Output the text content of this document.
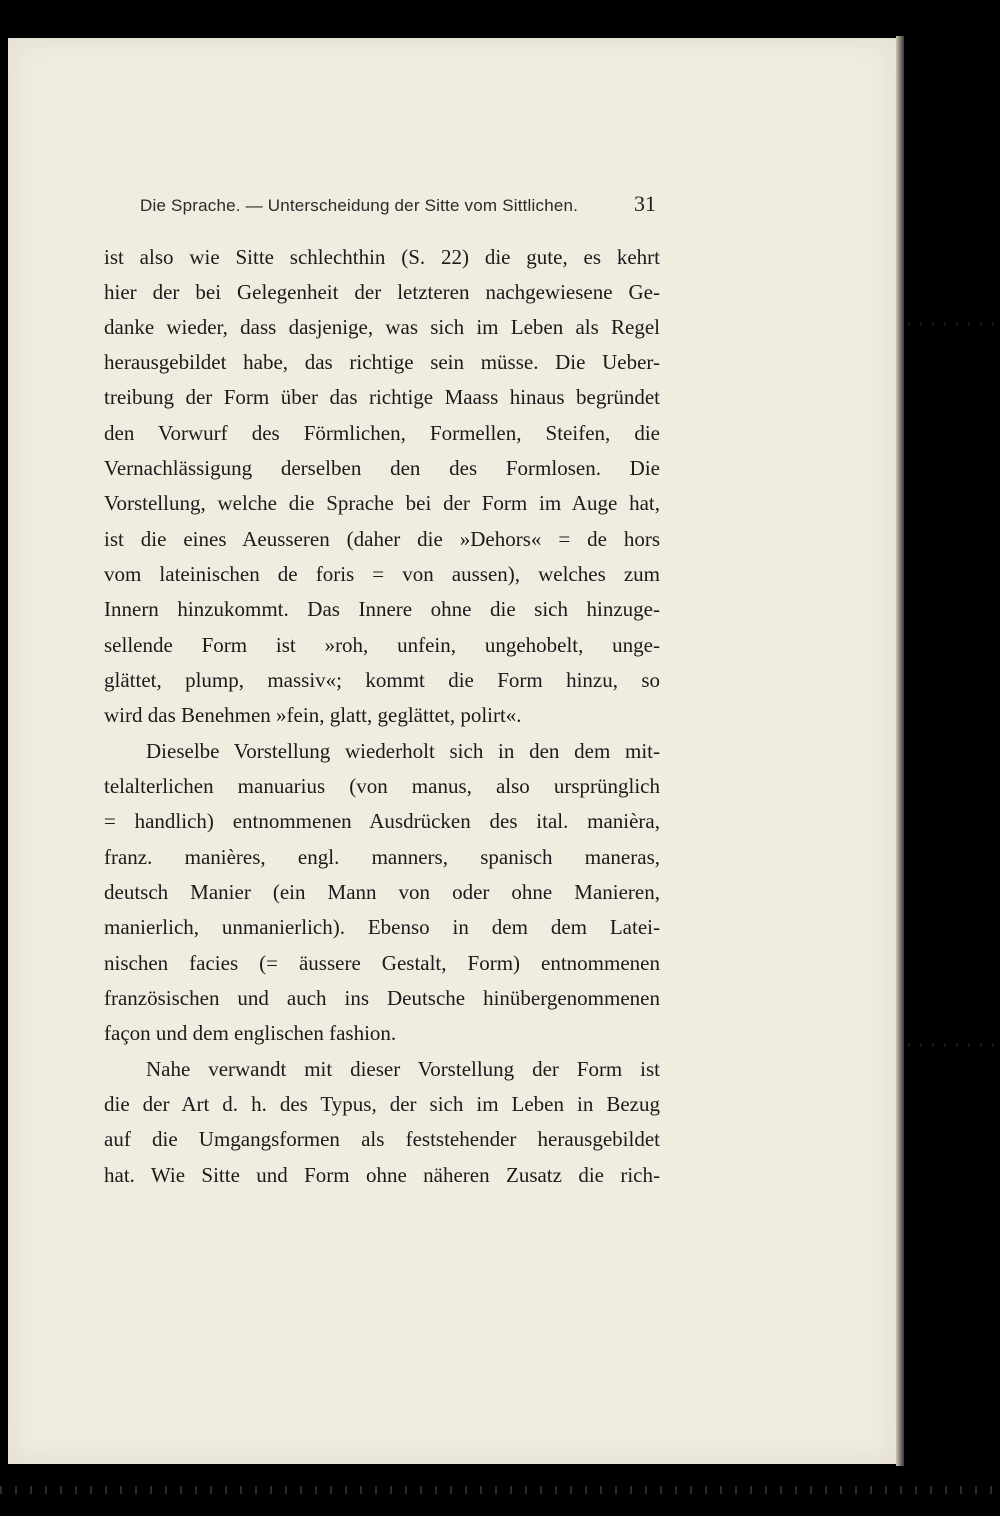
Die Sprache. — Unterscheidung der Sitte vom Sittlichen.	31
ist also wie Sitte schlechthin (S. 22) die gute, es kehrt
hier der bei Gelegenheit der letzteren nachgewiesene Ge-
danke wieder, dass dasjenige, was sich im Leben als Regel
herausgebildet habe, das richtige sein müsse. Die Ueber-
treibung der Form über das richtige Maass hinaus begründet
den Vorwurf des Förmlichen, Formellen, Steifen, die
Vernachlässigung derselben den des Formlosen. Die
Vorstellung, welche die Sprache bei der Form im Auge hat,
ist die eines Aeusseren (daher die »Dehors« = de hors
vom lateinischen de foris = von aussen), welches zum
Innern hinzukommt. Das Innere ohne die sich hinzuge-
sellende Form ist »roh, unfein, ungehobelt, unge-
glättet, plump, massiv«; kommt die Form hinzu, so
wird das Benehmen »fein, glatt, geglättet, polirt«.
Dieselbe Vorstellung wiederholt sich in den dem mit-
telalterlichen manuarius (von manus, also ursprünglich
= handlich) entnommenen Ausdrücken des ital. manièra,
franz. manières, engl. manners, spanisch maneras,
deutsch Manier (ein Mann von oder ohne Manieren,
manierlich, unmanierlich). Ebenso in dem dem Latei-
nischen facies (= äussere Gestalt, Form) entnommenen
französischen und auch ins Deutsche hinübergenommenen
façon und dem englischen fashion.
Nahe verwandt mit dieser Vorstellung der Form ist
die der Art d. h. des Typus, der sich im Leben in Bezug
auf die Umgangsformen als feststehender herausgebildet
hat. Wie Sitte und Form ohne näheren Zusatz die rich-
